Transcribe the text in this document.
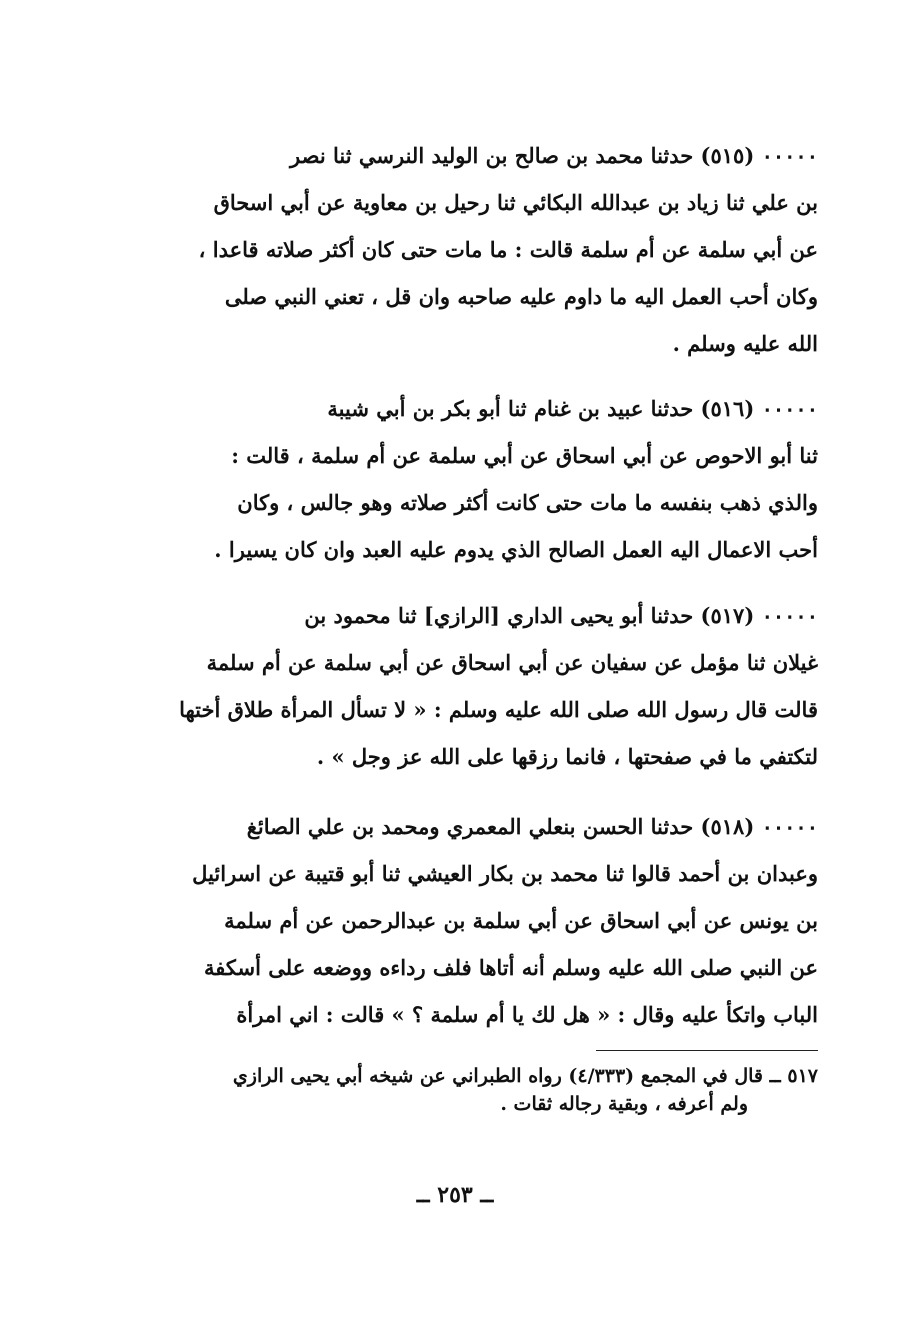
٠٠٠٠٠ (٥١٥) حدثنا محمد بن صالح بن الوليد النرسي ثنا نصر

بن علي ثنا زياد بن عبدالله البكائي ثنا رحيل بن معاوية عن أبي اسحاق

عن أبي سلمة عن أم سلمة قالت : ما مات حتى كان أكثر صلاته قاعدا ،

وكان أحب العمل اليه ما داوم عليه صاحبه وان قل ، تعني النبي صلى

الله عليه وسلم .

٠٠٠٠٠ (٥١٦) حدثنا عبيد بن غنام ثنا أبو بكر بن أبي شيبة

ثنا أبو الاحوص عن أبي اسحاق عن أبي سلمة عن أم سلمة ، قالت :

والذي ذهب بنفسه ما مات حتى كانت أكثر صلاته وهو جالس ، وكان

أحب الاعمال اليه العمل الصالح الذي يدوم عليه العبد وان كان يسيرا .

٠٠٠٠٠ (٥١٧) حدثنا أبو يحيى الداري [الرازي] ثنا محمود بن

غيلان ثنا مؤمل عن سفيان عن أبي اسحاق عن أبي سلمة عن أم سلمة

قالت قال رسول الله صلى الله عليه وسلم : « لا تسأل المرأة طلاق أختها

لتكتفي ما في صفحتها ، فانما رزقها على الله عز وجل » .

٠٠٠٠٠ (٥١٨) حدثنا الحسن بنعلي المعمري ومحمد بن علي الصائغ

وعبدان بن أحمد قالوا ثنا محمد بن بكار العيشي ثنا أبو قتيبة عن اسرائيل

بن يونس عن أبي اسحاق عن أبي سلمة بن عبدالرحمن عن أم سلمة

عن النبي صلى الله عليه وسلم أنه أتاها فلف رداءه ووضعه على أسكفة

الباب واتكأ عليه وقال : « هل لك يا أم سلمة ؟ » قالت : اني امرأة

٥١٧ ــ قال في المجمع (٤/٣٣٣) رواه الطبراني عن شيخه أبي يحيى الرازي

ولم أعرفه ، وبقية رجاله ثقات .

ــ ٢٥٣ ــ
